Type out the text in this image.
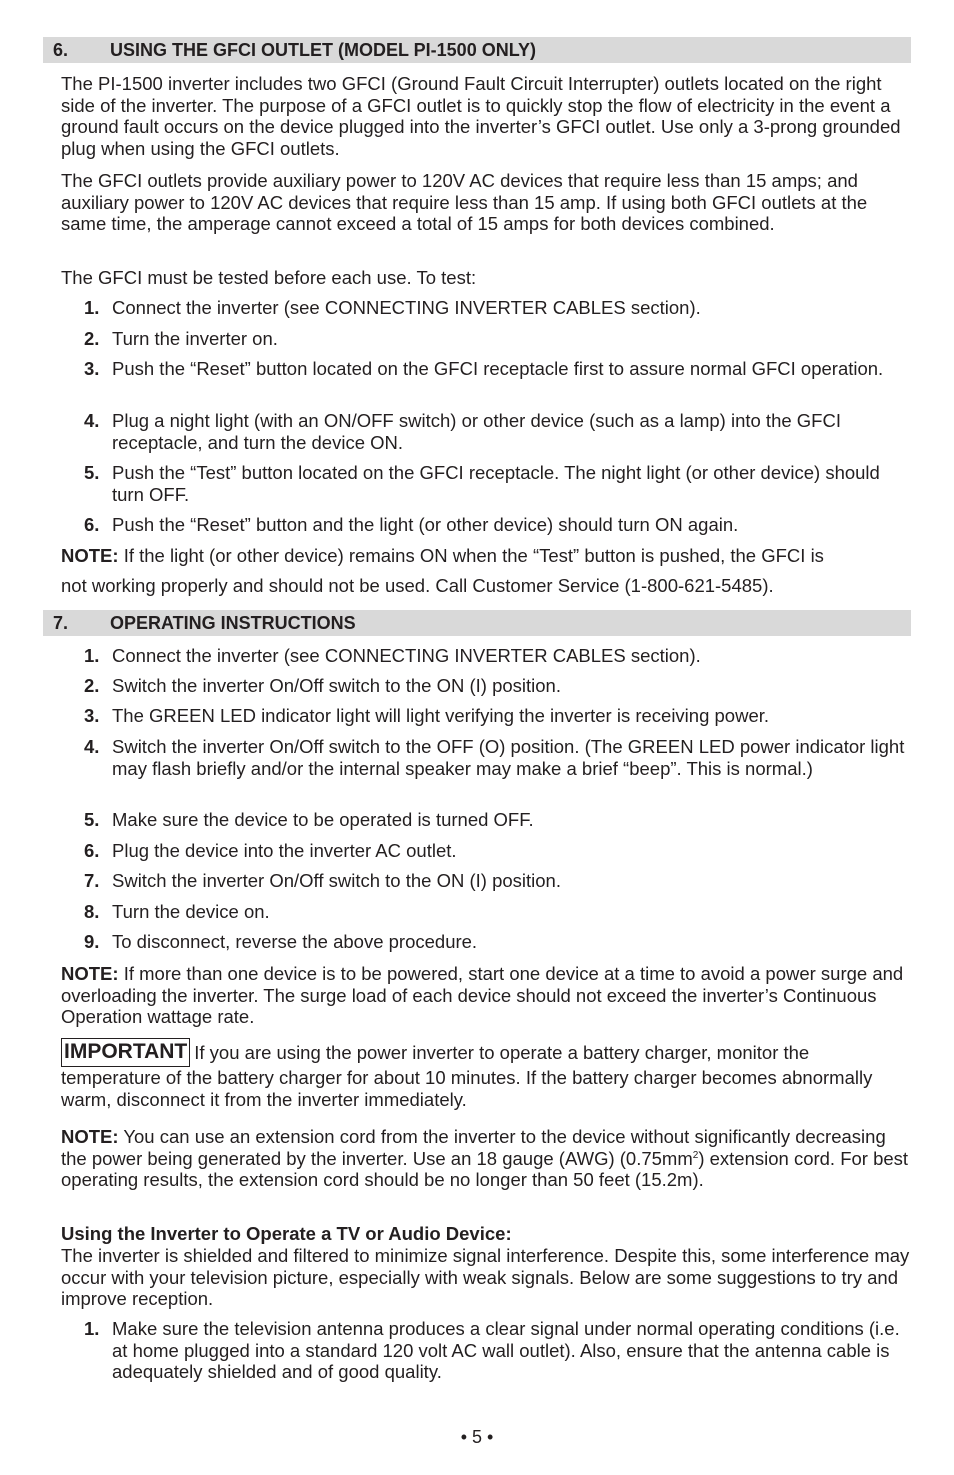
6. USING THE GFCI OUTLET (MODEL PI-1500 ONLY)

The PI-1500 inverter includes two GFCI (Ground Fault Circuit Interrupter) outlets located on the right side of the inverter. The purpose of a GFCI outlet is to quickly stop the flow of electricity in the event a ground fault occurs on the device plugged into the inverter’s GFCI outlet. Use only a 3-prong grounded plug when using the GFCI outlets.

The GFCI outlets provide auxiliary power to 120V AC devices that require less than 15 amps; and auxiliary power to 120V AC devices that require less than 15 amp. If using both GFCI outlets at the same time, the amperage cannot exceed a total of 15 amps for both devices combined.

The GFCI must be tested before each use. To test:

1. Connect the inverter (see CONNECTING INVERTER CABLES section).
2. Turn the inverter on.
3. Push the “Reset” button located on the GFCI receptacle first to assure normal GFCI operation.
4. Plug a night light (with an ON/OFF switch) or other device (such as a lamp) into the GFCI receptacle, and turn the device ON.
5. Push the “Test” button located on the GFCI receptacle. The night light (or other device) should turn OFF.
6. Push the “Reset” button and the light (or other device) should turn ON again.

NOTE: If the light (or other device) remains ON when the “Test” button is pushed, the GFCI is

not working properly and should not be used. Call Customer Service (1-800-621-5485).

7. OPERATING INSTRUCTIONS
1. Connect the inverter (see CONNECTING INVERTER CABLES section).
2. Switch the inverter On/Off switch to the ON (I) position.
3. The GREEN LED indicator light will light verifying the inverter is receiving power.
4. Switch the inverter On/Off switch to the OFF (O) position. (The GREEN LED power indicator light may flash briefly and/or the internal speaker may make a brief “beep”. This is normal.)
5. Make sure the device to be operated is turned OFF.
6. Plug the device into the inverter AC outlet.
7. Switch the inverter On/Off switch to the ON (I) position.
8. Turn the device on.
9. To disconnect, reverse the above procedure.

NOTE: If more than one device is to be powered, start one device at a time to avoid a power surge and overloading the inverter. The surge load of each device should not exceed the inverter’s Continuous Operation wattage rate.

IMPORTANT If you are using the power inverter to operate a battery charger, monitor the temperature of the battery charger for about 10 minutes. If the battery charger becomes abnormally warm, disconnect it from the inverter immediately.

NOTE: You can use an extension cord from the inverter to the device without significantly decreasing the power being generated by the inverter. Use an 18 gauge (AWG) $(0.75mm^2)$ extension cord. For best operating results, the extension cord should be no longer than 50 feet (15.2m).

Using the Inverter to Operate a TV or Audio Device:

The inverter is shielded and filtered to minimize signal interference. Despite this, some interference may occur with your television picture, especially with weak signals. Below are some suggestions to try and improve reception.

1. Make sure the television antenna produces a clear signal under normal operating conditions (i.e. at home plugged into a standard 120 volt AC wall outlet). Also, ensure that the antenna cable is adequately shielded and of good quality.
• 5 •
